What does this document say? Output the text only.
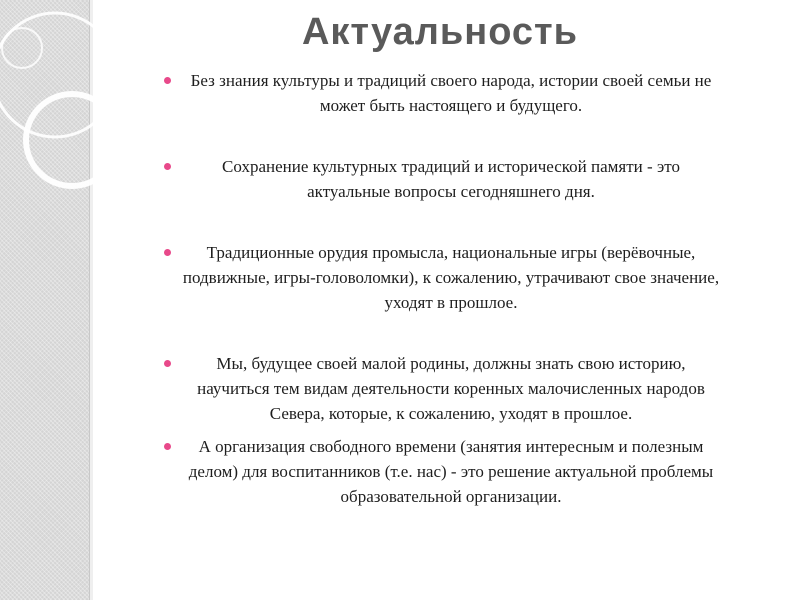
Актуальность
Без знания культуры и традиций своего народа, истории своей семьи не может быть настоящего и будущего.
Сохранение культурных традиций и исторической памяти - это актуальные вопросы сегодняшнего дня.
Традиционные орудия промысла, национальные игры (верёвочные, подвижные, игры-головоломки), к сожалению, утрачивают свое значение, уходят в прошлое.
Мы, будущее своей малой родины, должны знать свою историю, научиться тем видам деятельности коренных малочисленных народов Севера, которые, к сожалению, уходят в прошлое.
А организация свободного времени (занятия интересным и полезным делом) для воспитанников (т.е. нас) - это решение актуальной проблемы образовательной организации.
